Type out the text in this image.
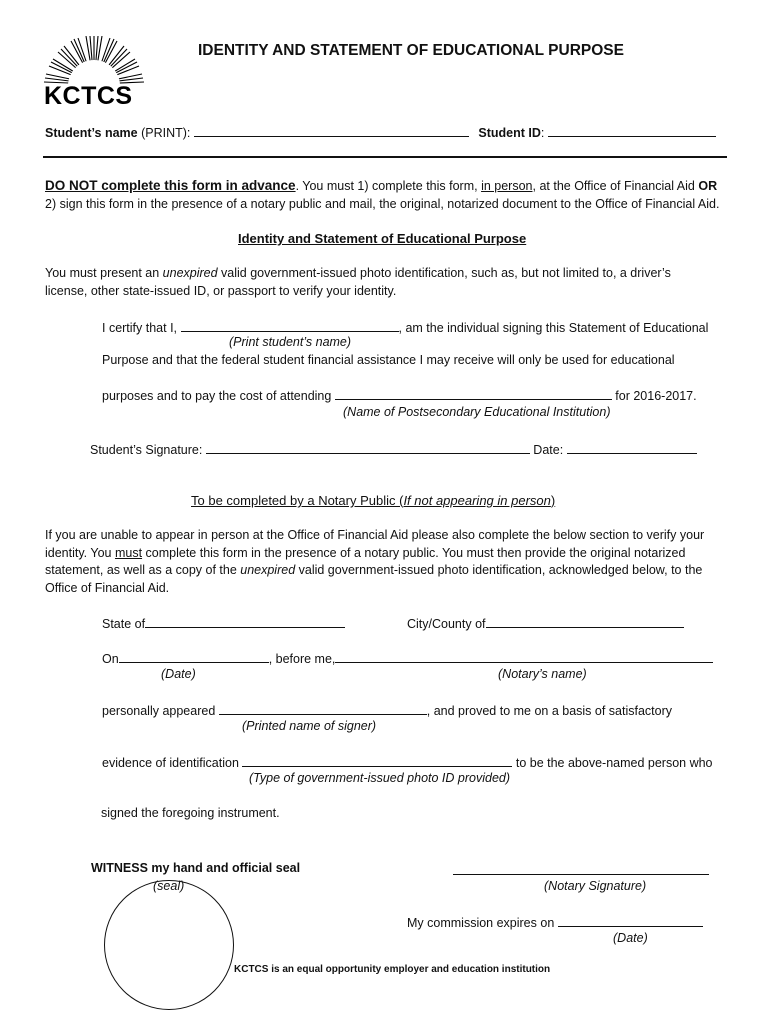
KCTCS
IDENTITY AND STATEMENT OF EDUCATIONAL PURPOSE
Student’s name (PRINT):	Student ID:
DO NOT complete this form in advance. You must 1) complete this form, in person, at the Office of Financial Aid OR 2) sign this form in the presence of a notary public and mail, the original, notarized document to the Office of Financial Aid.
Identity and Statement of Educational Purpose
You must present an unexpired valid government-issued photo identification, such as, but not limited to, a driver’s license, other state-issued ID, or passport to verify your identity.
I certify that I,	, am the individual signing this Statement of Educational
(Print student’s name)
Purpose and that the federal student financial assistance I may receive will only be used for educational
purposes and to pay the cost of attending	for 2016-2017.
(Name of Postsecondary Educational Institution)
Student’s Signature:	Date:
To be completed by a Notary Public (If not appearing in person)
If you are unable to appear in person at the Office of Financial Aid please also complete the below section to verify your identity. You must complete this form in the presence of a notary public. You must then provide the original notarized statement, as well as a copy of the unexpired valid government-issued photo identification, acknowledged below, to the Office of Financial Aid.
State of	City/County of
On	, before me,
(Date)	(Notary’s name)
personally appeared	, and proved to me on a basis of satisfactory
(Printed name of signer)
evidence of identification	to be the above-named person who
(Type of government-issued photo ID provided)
signed the foregoing instrument.
WITNESS my hand and official seal
(seal)	(Notary Signature)
My commission expires on
(Date)
KCTCS is an equal opportunity employer and education institution
